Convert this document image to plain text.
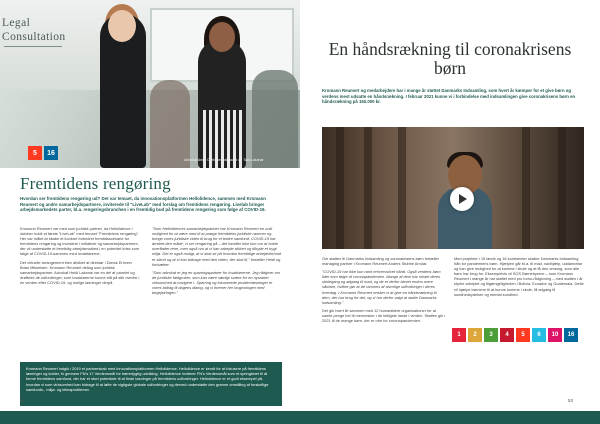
Legal
Consultation
5 16
Advokat Anne Cathrine Dallgaard og Tala Lakanal
Fremtidens rengøring
Hvordan ser fremtidens rengøring ud? Det var temaet, da innovationsplatformen Hellolidence, sammen med Kromann Reumert og andre samarbejdspartnere, inviterede til "LiveLab" med forslag om fremtidens rengøring. Livelab bringer arbejdsmarkedets parter, bl.a. rengøringsbranchen i en fremtidig bud på fremtidens rengøring som følge af COVID-19.

Kromann Reumert var med som juridisk partner, da Hellolidence i oktober holdt et første "LiveLab" med temaet "Fremtidens rengøring". Her var målet at skabe et konkret forbedret fremtidsscenarie for fremtidens rengøring og investere i initiativer og samarbejdspartnere, der vil understøtte et fremtidig arbejdsmarked i en potentiel krise som følge af COVID-19-sammen med lovaktørerne.

Det virtuelle arrangement blev afviklet af direktør i Dansk Erhverv Brian Mikkelsen. Kromann Reumert deltog som juridisk samarbejdspartner. Advokat Heidi Lakanal var en del af panelet og drøftede de udfordringer, som lovaktørerne kunne stå på stik overfor i en verden efter COVID-19, og mulige løsninger derpå.

"Som Hellolidences samarbejdspartner har Kromann Reumert en unik mulighed for at være med til at præge fremtidens juridiske rammer og bringe vores juridiske viden til brug for et bedre samfund. COVID-19 har ændret den måde, vi ser rengøring på – det handler ikke kun om at holde overflader rene, men også om at vi kan arbejde sikkert og tilbyde et trygt miljø. Det er også muligt, at vi skal se på hvordan fremtidige arbejdsforhold er sikret og at vi kan bidrage med den viden, der skal til," fortæller Heidi og fortsætter:

"Som advokat er jeg en sparringspartner for lovaktørerne. Jeg rådgiver om de juridiske faldgruber, som kan være særligt svære for en nystartet virksomhed at navigere i. Sparring og fokuserede problemløsninger er vores bidrag til dagens dialog, og vi forener her lovgivningen med begejstringen."

Kromann Reumert indgik i 2019 et partnerskab med innovationsplatformen Hellolidence. Hellolidence er kendt for at fokusere på fremtidens løsninger og kobler, fx gennem FN's 17 Verdensmål for bæredygtig udvikling. Hellolidence inviterer FN's Verdensmål som et springbræt til at forme fremtidens samfund, der har et stort potentiale til at finde løsninger på fremtidens udfordringer. Hellolidence er et godt eksempel på, hvordan vi som virksomhed kan bidrage til at løfte de vigtigste globale udfordringer og derved understøtte den grønne omstilling af forskellige samfunds-, miljø- og klimaproblemer.
52
En håndsrækning til coronakrisens børn
Kromann Reumert og medarbejdere har i mange år støttet Danmarks Indsamling, som hvert år kæmper for et give børn og verdens mest udsatte en håndsrækning. I februar 2021 kunne vi i forbindelse med indsamlingen give coronakrisens børn en håndsrækning på 150.000 kr.

Om støtten til Danmarks Indsamling og coronakrisens børn fortæller managing partner i Kromann Reumert Anders Stubbe Arndal:

"COVID-19 har ikke kun ramt erhvervslivet hårdt. Også verdens børn lider som følge af coronapandemien. Mange af dem har mistet deres skolegang og adgang til mad, og de er derfor blevet endnu mere sårbare, hvilket gør at de rammes af alvorlige udfordringer i deres hverdag. I Kromann Reumert ønsker vi at give en håndsrækning til dem, der har brug for det, og vi har derfor valgt at støtte Danmarks Indsamling."

Det gik hvert år sammen med 12 humanitære organisationer for at samle penge ind til mennesker i de fattigste lande i verden. Støtten gik i 2021 til de mange børn, der er ofre for coronapandemien.

Med projekter i 15 lande og 16 kontinenter skaber Danmarks Indsamling håb for pandemiens børn. Hjælpen går bl.a. til mad, nødhjælp, uddannelse og kan give mulighed for at komme i skole og at få den omsorg, som alle børn har brug for. Eksempelvis vil SOS Børnebyerne – som Kromann Reumert i mange år har støttet med pro bono-rådgivning – med støtten i år styrke arbejdet og tilgængeligheden i Bolivia, Ecuador og Guatemala. Dette vil hjælpe børnene til at kunne komme i skole, få adgang til sundhedsydelser og mental sundhed.

1 2 3 4 5 6 10 16
53
